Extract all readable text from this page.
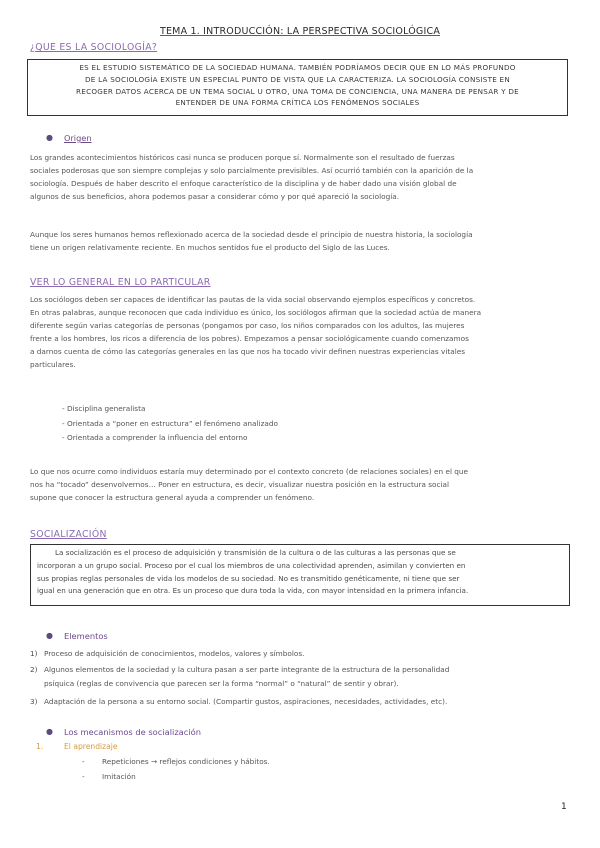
TEMA 1. INTRODUCCIÓN: LA PERSPECTIVA SOCIOLÓGICA
¿QUE ES LA SOCIOLOGÍA?
ES EL ESTUDIO SISTEMÁTICO DE LA SOCIEDAD HUMANA. TAMBIÉN PODRÍAMOS DECIR QUE EN LO MÁS PROFUNDO
DE LA SOCIOLOGÍA EXISTE UN ESPECIAL PUNTO DE VISTA QUE LA CARACTERIZA. LA SOCIOLOGÍA CONSISTE EN
RECOGER DATOS ACERCA DE UN TEMA SOCIAL U OTRO, UNA TOMA DE CONCIENCIA, UNA MANERA DE PENSAR Y DE
ENTENDER DE UNA FORMA CRÍTICA LOS FENÓMENOS SOCIALES
● Origen
Los grandes acontecimientos históricos casi nunca se producen porque sí. Normalmente son el resultado de fuerzas
sociales poderosas que son siempre complejas y solo parcialmente previsibles. Así ocurrió también con la aparición de la
sociología. Después de haber descrito el enfoque característico de la disciplina y de haber dado una visión global de
algunos de sus beneficios, ahora podemos pasar a considerar cómo y por qué apareció la sociología.
Aunque los seres humanos hemos reflexionado acerca de la sociedad desde el principio de nuestra historia, la sociología
tiene un origen relativamente reciente. En muchos sentidos fue el producto del Siglo de las Luces.
VER LO GENERAL EN LO PARTICULAR
Los sociólogos deben ser capaces de identificar las pautas de la vida social observando ejemplos específicos y concretos.
En otras palabras, aunque reconocen que cada individuo es único, los sociólogos afirman que la sociedad actúa de manera
diferente según varias categorías de personas (pongamos por caso, los niños comparados con los adultos, las mujeres
frente a los hombres, los ricos a diferencia de los pobres). Empezamos a pensar sociológicamente cuando comenzamos
a darnos cuenta de cómo las categorías generales en las que nos ha tocado vivir definen nuestras experiencias vitales
particulares.
- Disciplina generalista
- Orientada a “poner en estructura” el fenómeno analizado
- Orientada a comprender la influencia del entorno
Lo que nos ocurre como individuos estaría muy determinado por el contexto concreto (de relaciones sociales) en el que
nos ha “tocado” desenvolvernos… Poner en estructura, es decir, visualizar nuestra posición en la estructura social
supone que conocer la estructura general ayuda a comprender un fenómeno.
SOCIALIZACIÓN
La socialización es el proceso de adquisición y transmisión de la cultura o de las culturas a las personas que se
incorporan a un grupo social. Proceso por el cual los miembros de una colectividad aprenden, asimilan y convierten en
sus propias reglas personales de vida los modelos de su sociedad. No es transmitido genéticamente, ni tiene que ser
igual en una generación que en otra. Es un proceso que dura toda la vida, con mayor intensidad en la primera infancia.
● Elementos
1) Proceso de adquisición de conocimientos, modelos, valores y símbolos.
2) Algunos elementos de la sociedad y la cultura pasan a ser parte integrante de la estructura de la personalidad
psíquica (reglas de convivencia que parecen ser la forma “normal” o “natural” de sentir y obrar).
3) Adaptación de la persona a su entorno social. (Compartir gustos, aspiraciones, necesidades, actividades, etc).
● Los mecanismos de socialización
1.	El aprendizaje
- Repeticiones → reflejos condiciones y hábitos.
- Imitación
1
